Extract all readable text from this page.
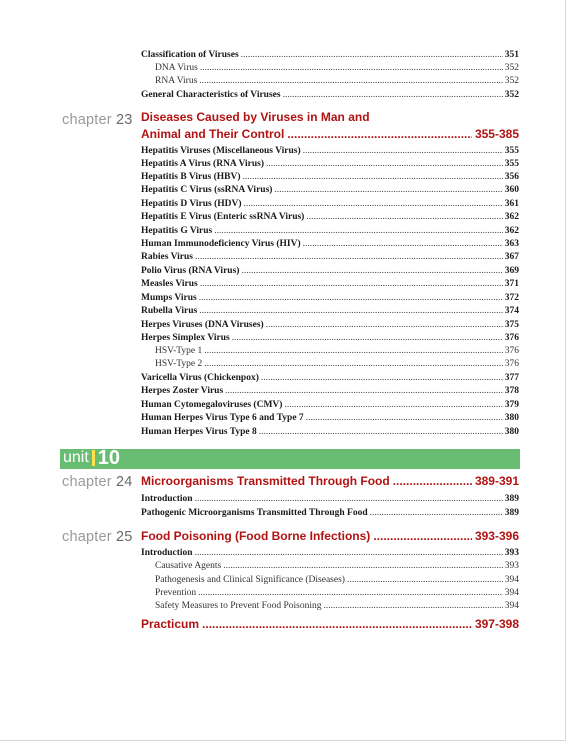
Classification of Viruses .....	351
DNA Virus .....	352
RNA Virus .....	352
General Characteristics of Viruses .....	352
chapter 23 Diseases Caused by Viruses in Man and
Animal and Their Control .....	355-385
Hepatitis Viruses (Miscellaneous Virus) .....	355
Hepatitis A Virus (RNA Virus) .....	355
Hepatitis B Virus (HBV) .....	356
Hepatitis C Virus (ssRNA Virus) .....	360
Hepatitis D Virus (HDV) .....	361
Hepatitis E Virus (Enteric ssRNA Virus) .....	362
Hepatitis G Virus .....	362
Human Immunodeficiency Virus (HIV) .....	363
Rabies Virus .....	367
Polio Virus (RNA Virus) .....	369
Measles Virus .....	371
Mumps Virus .....	372
Rubella Virus .....	374
Herpes Viruses (DNA Viruses) .....	375
Herpes Simplex Virus .....	376
HSV-Type 1 .....	376
HSV-Type 2 .....	376
Varicella Virus (Chickenpox) .....	377
Herpes Zoster Virus .....	378
Human Cytomegaloviruses (CMV) .....	379
Human Herpes Virus Type 6 and Type 7 .....	380
Human Herpes Virus Type 8 .....	380
unit 10
chapter 24 Microorganisms Transmitted Through Food .....	389-391
Introduction .....	389
Pathogenic Microorganisms Transmitted Through Food .....	389
chapter 25 Food Poisoning (Food Borne Infections) .....	393-396
Introduction .....	393
Causative Agents .....	393
Pathogenesis and Clinical Significance (Diseases) .....	394
Prevention .....	394
Safety Measures to Prevent Food Poisoning .....	394
Practicum .....	397-398
